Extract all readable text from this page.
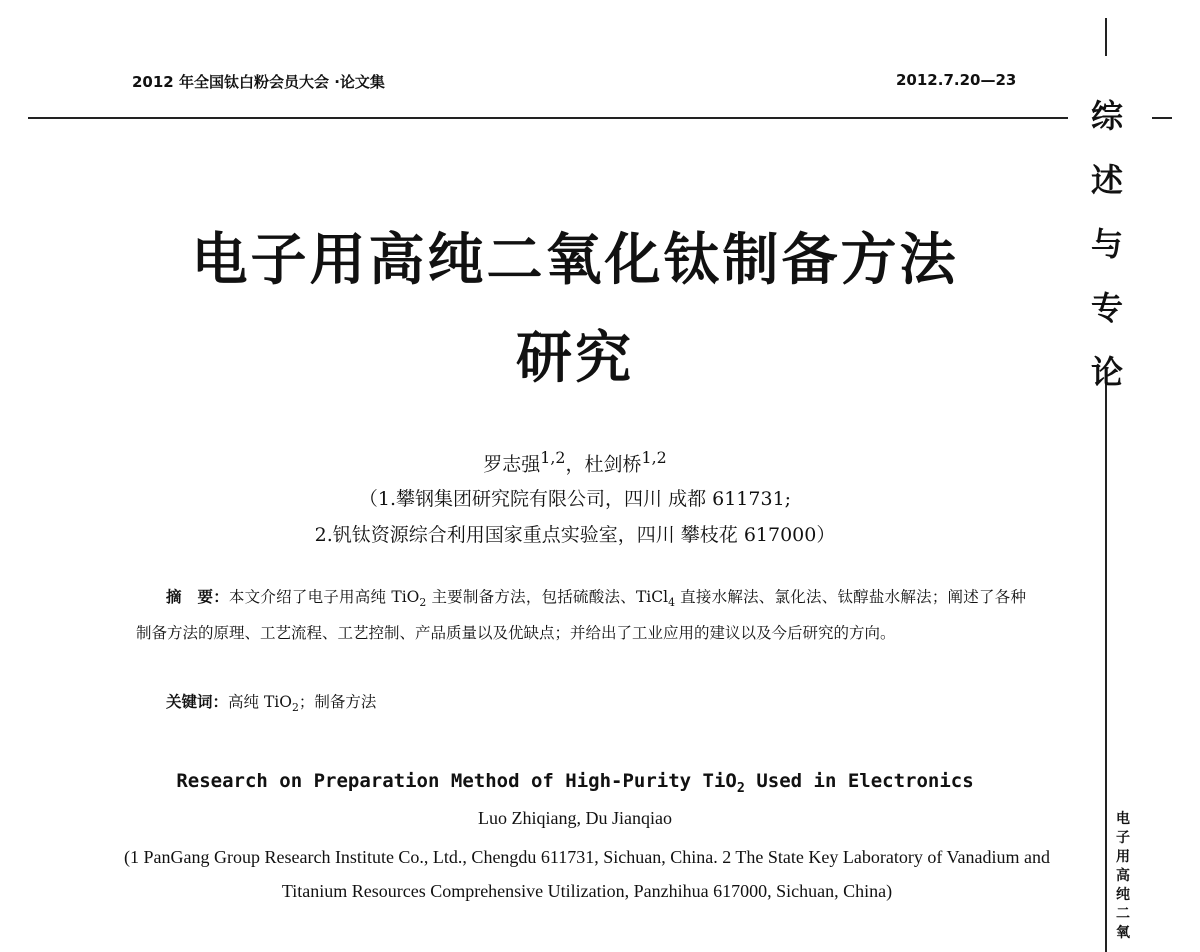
2012 年全国钛白粉会员大会 ·论文集	2012.7.20—23
综
述
与
专
论
电
子
用
高
纯
二
氧
电子用高纯二氧化钛制备方法
研究
罗志强$^{1,2}$，杜剑桥$^{1,2}$
（1.攀钢集团研究院有限公司，四川 成都 611731;
2.钒钛资源综合利用国家重点实验室，四川 攀枝花 617000）
摘　要：本文介绍了电子用高纯 TiO$_2$ 主要制备方法，包括硫酸法、TiCl$_4$ 直接水解法、氯化法、钛醇盐水解法；阐述了各种制备方法的原理、工艺流程、工艺控制、产品质量以及优缺点；并给出了工业应用的建议以及今后研究的方向。
关键词：高纯 TiO$_2$；制备方法
Research on Preparation Method of High-Purity TiO$_2$ Used in Electronics
Luo Zhiqiang, Du Jianqiao
(1 PanGang Group Research Institute Co., Ltd., Chengdu 611731, Sichuan, China. 2 The State Key Laboratory of Vanadium and Titanium Resources Comprehensive Utilization, Panzhihua 617000, Sichuan, China)
